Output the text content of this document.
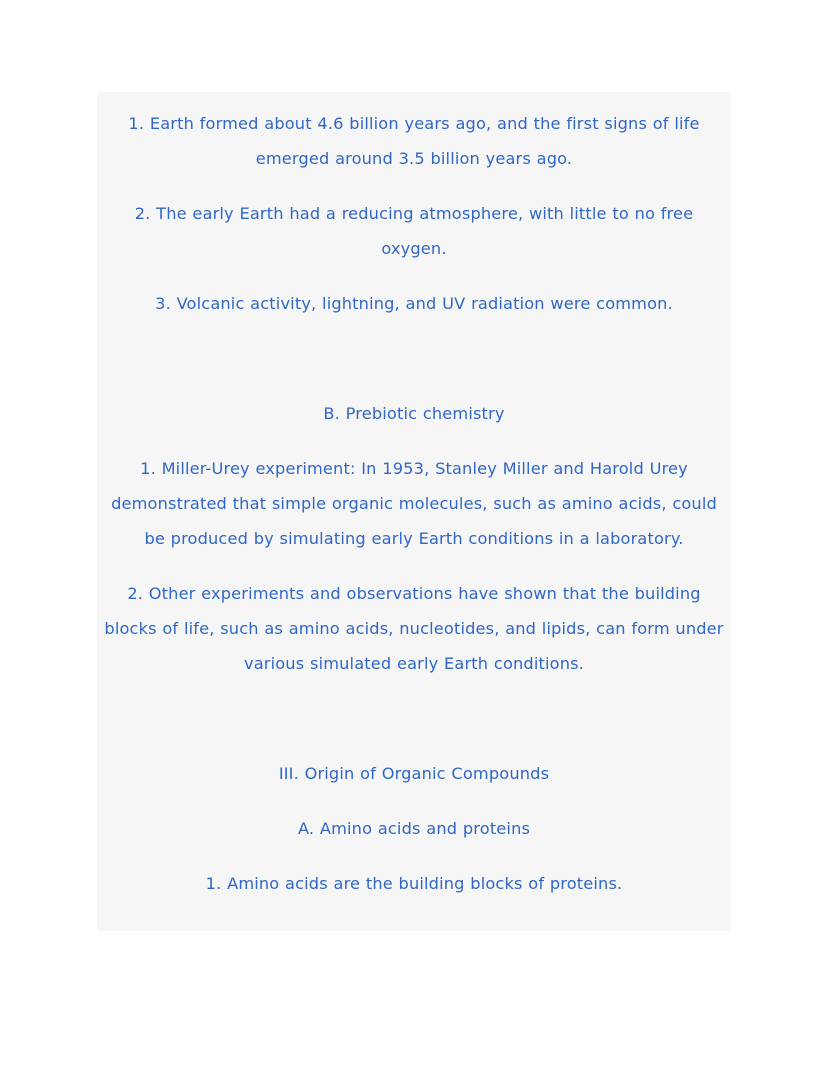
1. Earth formed about 4.6 billion years ago, and the first signs of life emerged around 3.5 billion years ago.

2. The early Earth had a reducing atmosphere, with little to no free oxygen.

3. Volcanic activity, lightning, and UV radiation were common.

B. Prebiotic chemistry

1. Miller-Urey experiment: In 1953, Stanley Miller and Harold Urey demonstrated that simple organic molecules, such as amino acids, could be produced by simulating early Earth conditions in a laboratory.

2. Other experiments and observations have shown that the building blocks of life, such as amino acids, nucleotides, and lipids, can form under various simulated early Earth conditions.

III. Origin of Organic Compounds

A. Amino acids and proteins

1. Amino acids are the building blocks of proteins.
